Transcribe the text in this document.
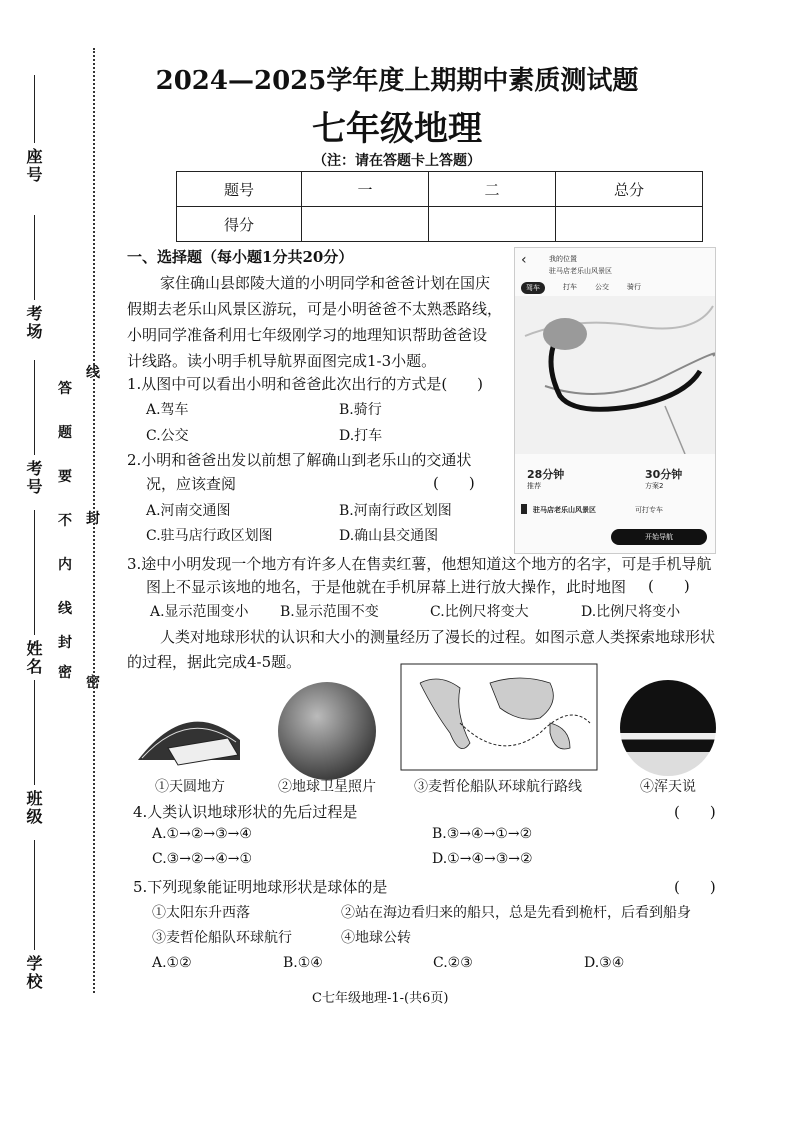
座号
考场
考号
姓名
班级
学校
答
题
要
不
内
线
封
密
线
封
密
2024—2025学年度上期期中素质测试题
七年级地理
（注：请在答题卡上答题）
题号	一	二	总分
得分			
一、选择题（每小题1分共20分）
家住确山县郎陵大道的小明同学和爸爸计划在国庆
假期去老乐山风景区游玩，可是小明爸爸不太熟悉路线，
小明同学准备利用七年级刚学习的地理知识帮助爸爸设
计线路。读小明手机导航界面图完成1-3小题。
1.从图中可以看出小明和爸爸此次出行的方式是(　　)
A.驾车	B.骑行
C.公交	D.打车
2.小明和爸爸出发以前想了解确山到老乐山的交通状
况，应该查阅	(　　)
A.河南交通图	B.河南行政区划图
C.驻马店行政区划图	D.确山县交通图
‹	我的位置
驻马店老乐山风景区
驾车	打车	公交	骑行
28分钟
推荐
30分钟
方案2
驻马店老乐山风景区	可打专车
开始导航
3.途中小明发现一个地方有许多人在售卖红薯，他想知道这个地方的名字，可是手机导航
图上不显示该地的地名，于是他就在手机屏幕上进行放大操作，此时地图 (　　)
A.显示范围变小 B.显示范围不变	C.比例尺将变大	D.比例尺将变小
人类对地球形状的认识和大小的测量经历了漫长的过程。如图示意人类探索地球形状
的过程，据此完成4-5题。
①天圆地方	②地球卫星照片	③麦哲伦船队环球航行路线	④浑天说
4.人类认识地球形状的先后过程是	(　　)
A.①→②→③→④	B.③→④→①→②
C.③→②→④→①	D.①→④→③→②
5.下列现象能证明地球形状是球体的是	(　　)
①太阳东升西落	②站在海边看归来的船只，总是先看到桅杆，后看到船身
③麦哲伦船队环球航行	④地球公转
A.①②	B.①④	C.②③	D.③④
C七年级地理-1-(共6页)
